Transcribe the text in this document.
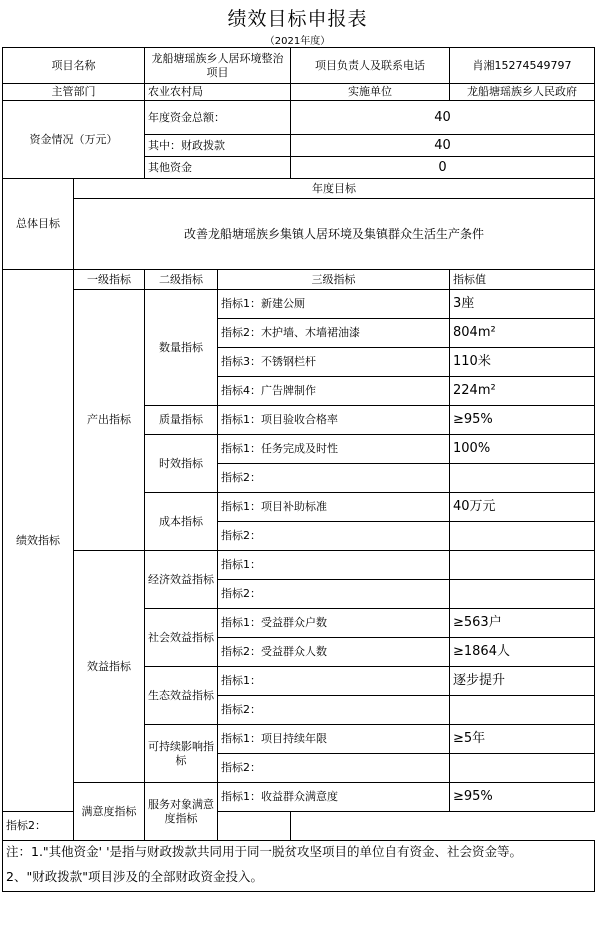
绩效目标申报表
（2021年度）
项目名称		龙船塘瑶族乡人居环境整治项目		项目负责人及联系电话	肖湘15274549797
主管部门		农业农村局		实施单位	龙船塘瑶族乡人民政府
资金情况（万元）		年度资金总额：		40	
		其中：财政拨款		40	
		其他资金		0	
总体目标	年度目标				
	改善龙船塘瑶族乡集镇人居环境及集镇群众生活生产条件				
绩效指标	一级指标	二级指标	三级指标		指标值
	产出指标	数量指标	指标1：新建公厕		3座
			指标2：木护墙、木墙裙油漆		804m²
			指标3：不锈钢栏杆		110米
			指标4：广告牌制作		224m²
		质量指标	指标1：项目验收合格率		≥95%
		时效指标	指标1：任务完成及时性		100%
			指标2：		
		成本指标	指标1：项目补助标准		40万元
			指标2：		
	效益指标	经济效益指标	指标1：		
			指标2：		
		社会效益指标	指标1：受益群众户数		≥563户
			指标2：受益群众人数		≥1864人
		生态效益指标	指标1：		逐步提升
			指标2：		
		可持续影响指标	指标1：项目持续年限		≥5年
			指标2：		
	满意度指标	服务对象满意度指标	指标1：收益群众满意度		≥95%
指标2：					
注：1."其他资金' '是指与财政拨款共同用于同一脱贫攻坚项目的单位自有资金、社会资金等。					
2、"财政拨款"项目涉及的全部财政资金投入。					
